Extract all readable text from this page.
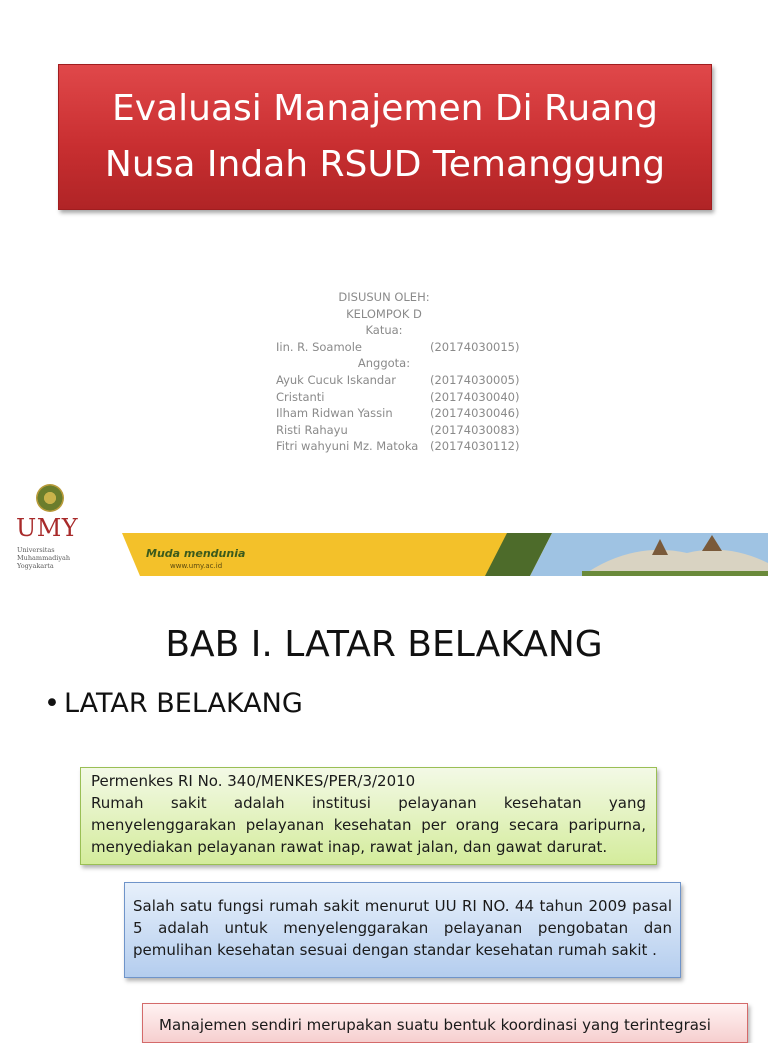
Evaluasi Manajemen Di Ruang
Nusa Indah RSUD Temanggung
DISUSUN OLEH:
KELOMPOK D
Katua:
Iin. R. Soamole	(20174030015)
Anggota:
Ayuk Cucuk Iskandar	(20174030005)
Cristanti	(20174030040)
Ilham Ridwan Yassin	(20174030046)
Risti Rahayu	(20174030083)
Fitri wahyuni Mz. Matoka	(20174030112)
UMY
Universitas
Muhammadiyah
Yogyakarta
Muda mendunia
www.umy.ac.id
BAB I. LATAR BELAKANG
• LATAR BELAKANG
Permenkes RI No. 340/MENKES/PER/3/2010
Rumah sakit adalah institusi pelayanan kesehatan yang menyelenggarakan pelayanan kesehatan per orang secara paripurna, menyediakan pelayanan rawat inap, rawat jalan, dan gawat darurat.
Salah satu fungsi rumah sakit menurut UU RI NO. 44 tahun 2009 pasal 5 adalah untuk menyelenggarakan pelayanan pengobatan dan pemulihan kesehatan sesuai dengan standar kesehatan rumah sakit .
Manajemen sendiri merupakan suatu bentuk koordinasi yang terintegrasi
